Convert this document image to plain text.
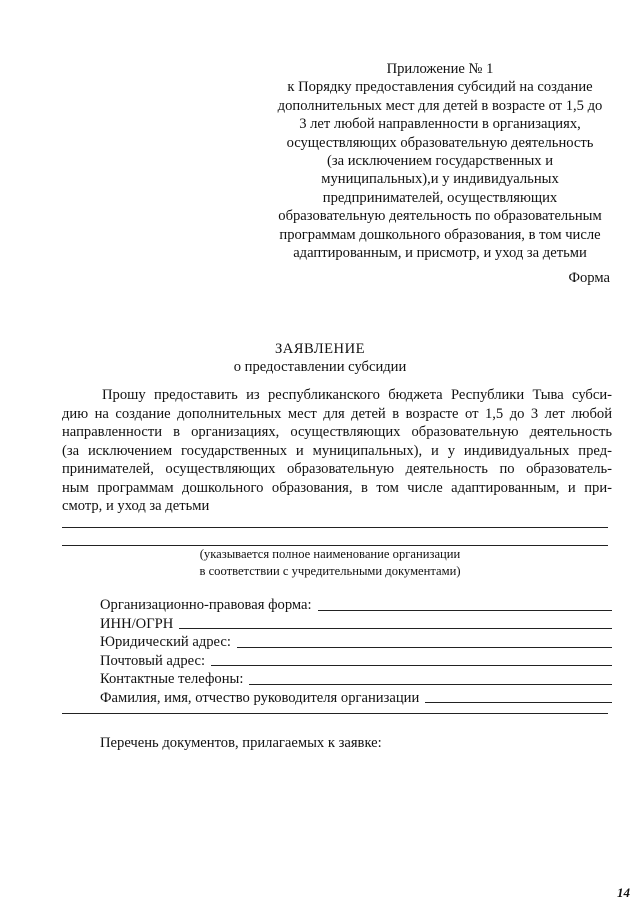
Приложение № 1
к Порядку предоставления субсидий на создание
дополнительных мест для детей в возрасте от 1,5 до
3 лет любой направленности в организациях,
осуществляющих образовательную деятельность
(за исключением государственных и
муниципальных),и у индивидуальных
предпринимателей, осуществляющих
образовательную деятельность по образовательным
программам дошкольного образования, в том числе
адаптированным, и присмотр, и уход за детьми
Форма
ЗАЯВЛЕНИЕ
о предоставлении субсидии
Прошу предоставить из республиканского бюджета Республики Тыва субси-
дию на создание дополнительных мест для детей в возрасте от 1,5 до 3 лет любой
направленности в организациях, осуществляющих образовательную деятельность
(за исключением государственных и муниципальных), и у индивидуальных пред-
принимателей, осуществляющих образовательную деятельность по образователь-
ным программам дошкольного образования, в том числе адаптированным, и при-
смотр, и уход за детьми
(указывается полное наименование организации
в соответствии с учредительными документами)
Организационно-правовая форма:
ИНН/ОГРН
Юридический адрес:
Почтовый адрес:
Контактные телефоны:
Фамилия, имя, отчество руководителя организации
Перечень документов, прилагаемых к заявке:
14
